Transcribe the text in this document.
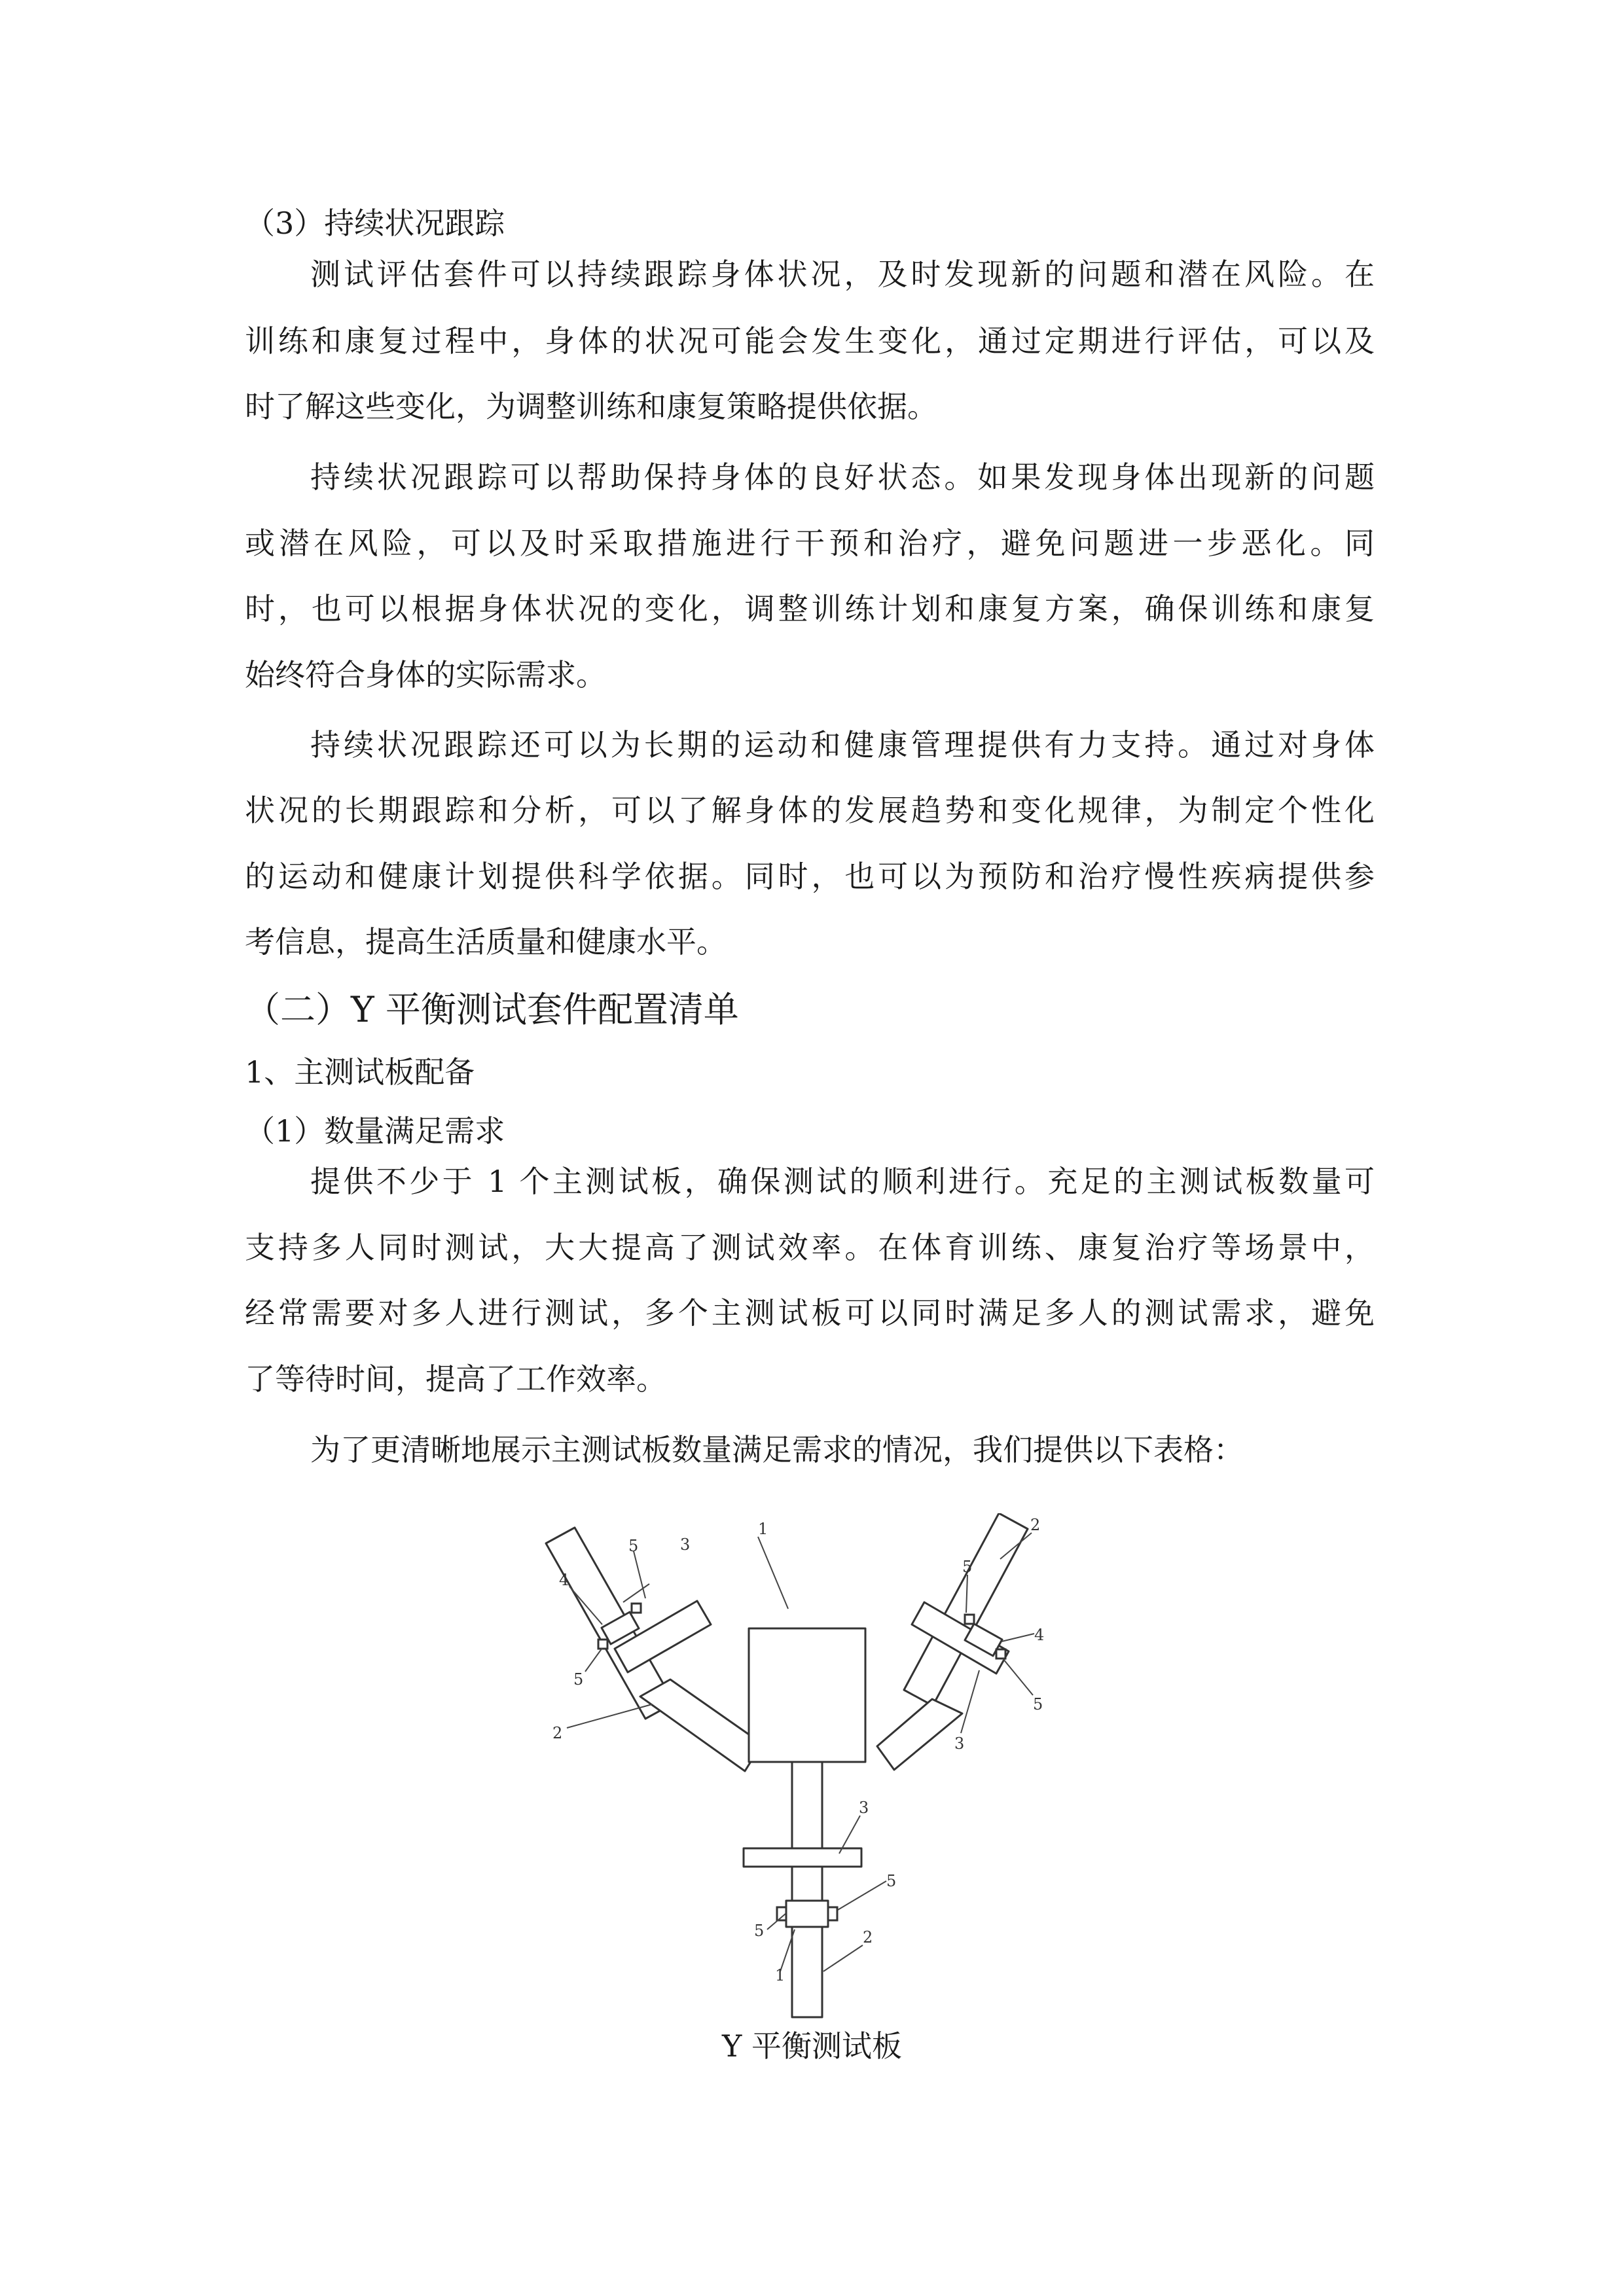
（3）持续状况跟踪
测试评估套件可以持续跟踪身体状况，及时发现新的问题和潜在风险。在
训练和康复过程中，身体的状况可能会发生变化，通过定期进行评估，可以及
时了解这些变化，为调整训练和康复策略提供依据。
持续状况跟踪可以帮助保持身体的良好状态。如果发现身体出现新的问题
或潜在风险，可以及时采取措施进行干预和治疗，避免问题进一步恶化。同
时，也可以根据身体状况的变化，调整训练计划和康复方案，确保训练和康复
始终符合身体的实际需求。
持续状况跟踪还可以为长期的运动和健康管理提供有力支持。通过对身体
状况的长期跟踪和分析，可以了解身体的发展趋势和变化规律，为制定个性化
的运动和健康计划提供科学依据。同时，也可以为预防和治疗慢性疾病提供参
考信息，提高生活质量和健康水平。
（二）Y 平衡测试套件配置清单
1、主测试板配备
（1）数量满足需求
提供不少于 1 个主测试板，确保测试的顺利进行。充足的主测试板数量可
支持多人同时测试，大大提高了测试效率。在体育训练、康复治疗等场景中，
经常需要对多人进行测试，多个主测试板可以同时满足多人的测试需求，避免
了等待时间，提高了工作效率。
为了更清晰地展示主测试板数量满足需求的情况，我们提供以下表格：
1
3
5
4
5
2
2
5
4
5
3
3
5
5
1
2
Y 平衡测试板
